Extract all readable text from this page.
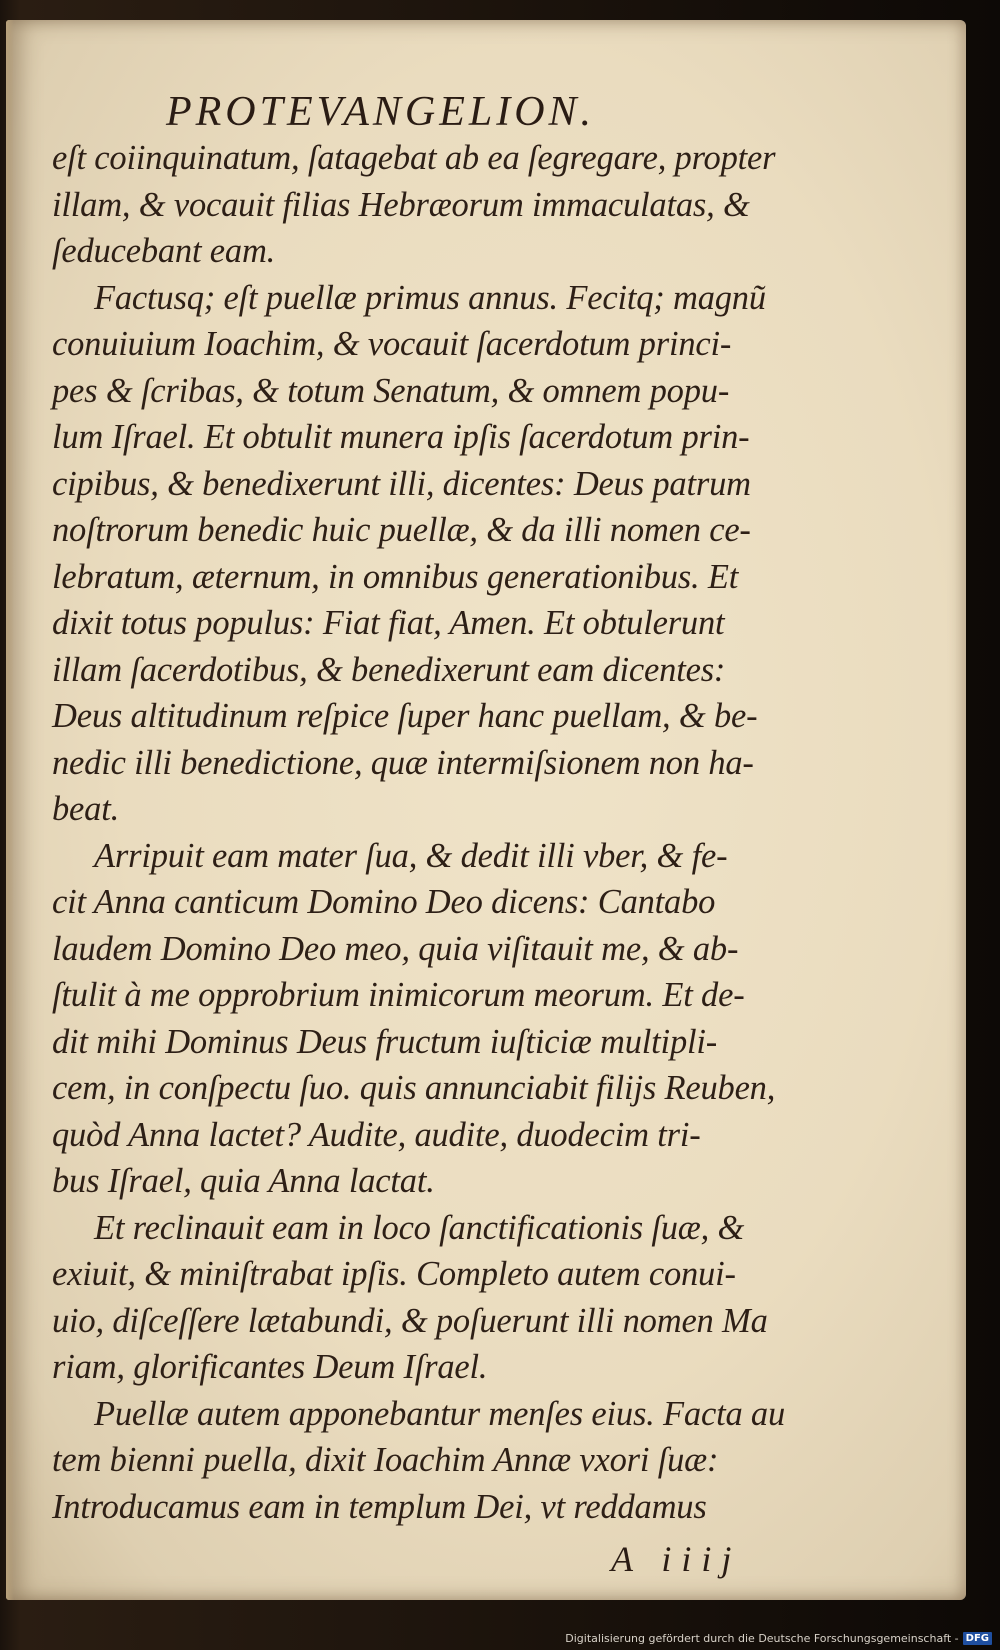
PROTEVANGELION.
eſt coiinquinatum, ſatagebat ab ea ſegregare, propter
illam, & vocauit filias Hebræorum immaculatas, &
ſeducebant eam.
Factusq; eſt puellæ primus annus. Fecitq; magnũ
conuiuium Ioachim, & vocauit ſacerdotum princi-
pes & ſcribas, & totum Senatum, & omnem popu-
lum Iſrael. Et obtulit munera ipſis ſacerdotum prin-
cipibus, & benedixerunt illi, dicentes: Deus patrum
noſtrorum benedic huic puellæ, & da illi nomen ce-
lebratum, æternum, in omnibus generationibus. Et
dixit totus populus: Fiat fiat, Amen. Et obtulerunt
illam ſacerdotibus, & benedixerunt eam dicentes:
Deus altitudinum reſpice ſuper hanc puellam, & be-
nedic illi benedictione, quæ intermiſsionem non ha-
beat.
Arripuit eam mater ſua, & dedit illi vber, & fe-
cit Anna canticum Domino Deo dicens: Cantabo
laudem Domino Deo meo, quia viſitauit me, & ab-
ſtulit à me opprobrium inimicorum meorum. Et de-
dit mihi Dominus Deus fructum iuſticiæ multipli-
cem, in conſpectu ſuo. quis annunciabit filijs Reuben,
quòd Anna lactet? Audite, audite, duodecim tri-
bus Iſrael, quia Anna lactat.
Et reclinauit eam in loco ſanctificationis ſuæ, &
exiuit, & miniſtrabat ipſis. Completo autem conui-
uio, diſceſſere lætabundi, & poſuerunt illi nomen Ma
riam, glorificantes Deum Iſrael.
Puellæ autem apponebantur menſes eius. Facta au
tem bienni puella, dixit Ioachim Annæ vxori ſuæ:
Introducamus eam in templum Dei, vt reddamus
A iiij
Digitalisierung gefördert durch die Deutsche Forschungsgemeinschaft - DFG
